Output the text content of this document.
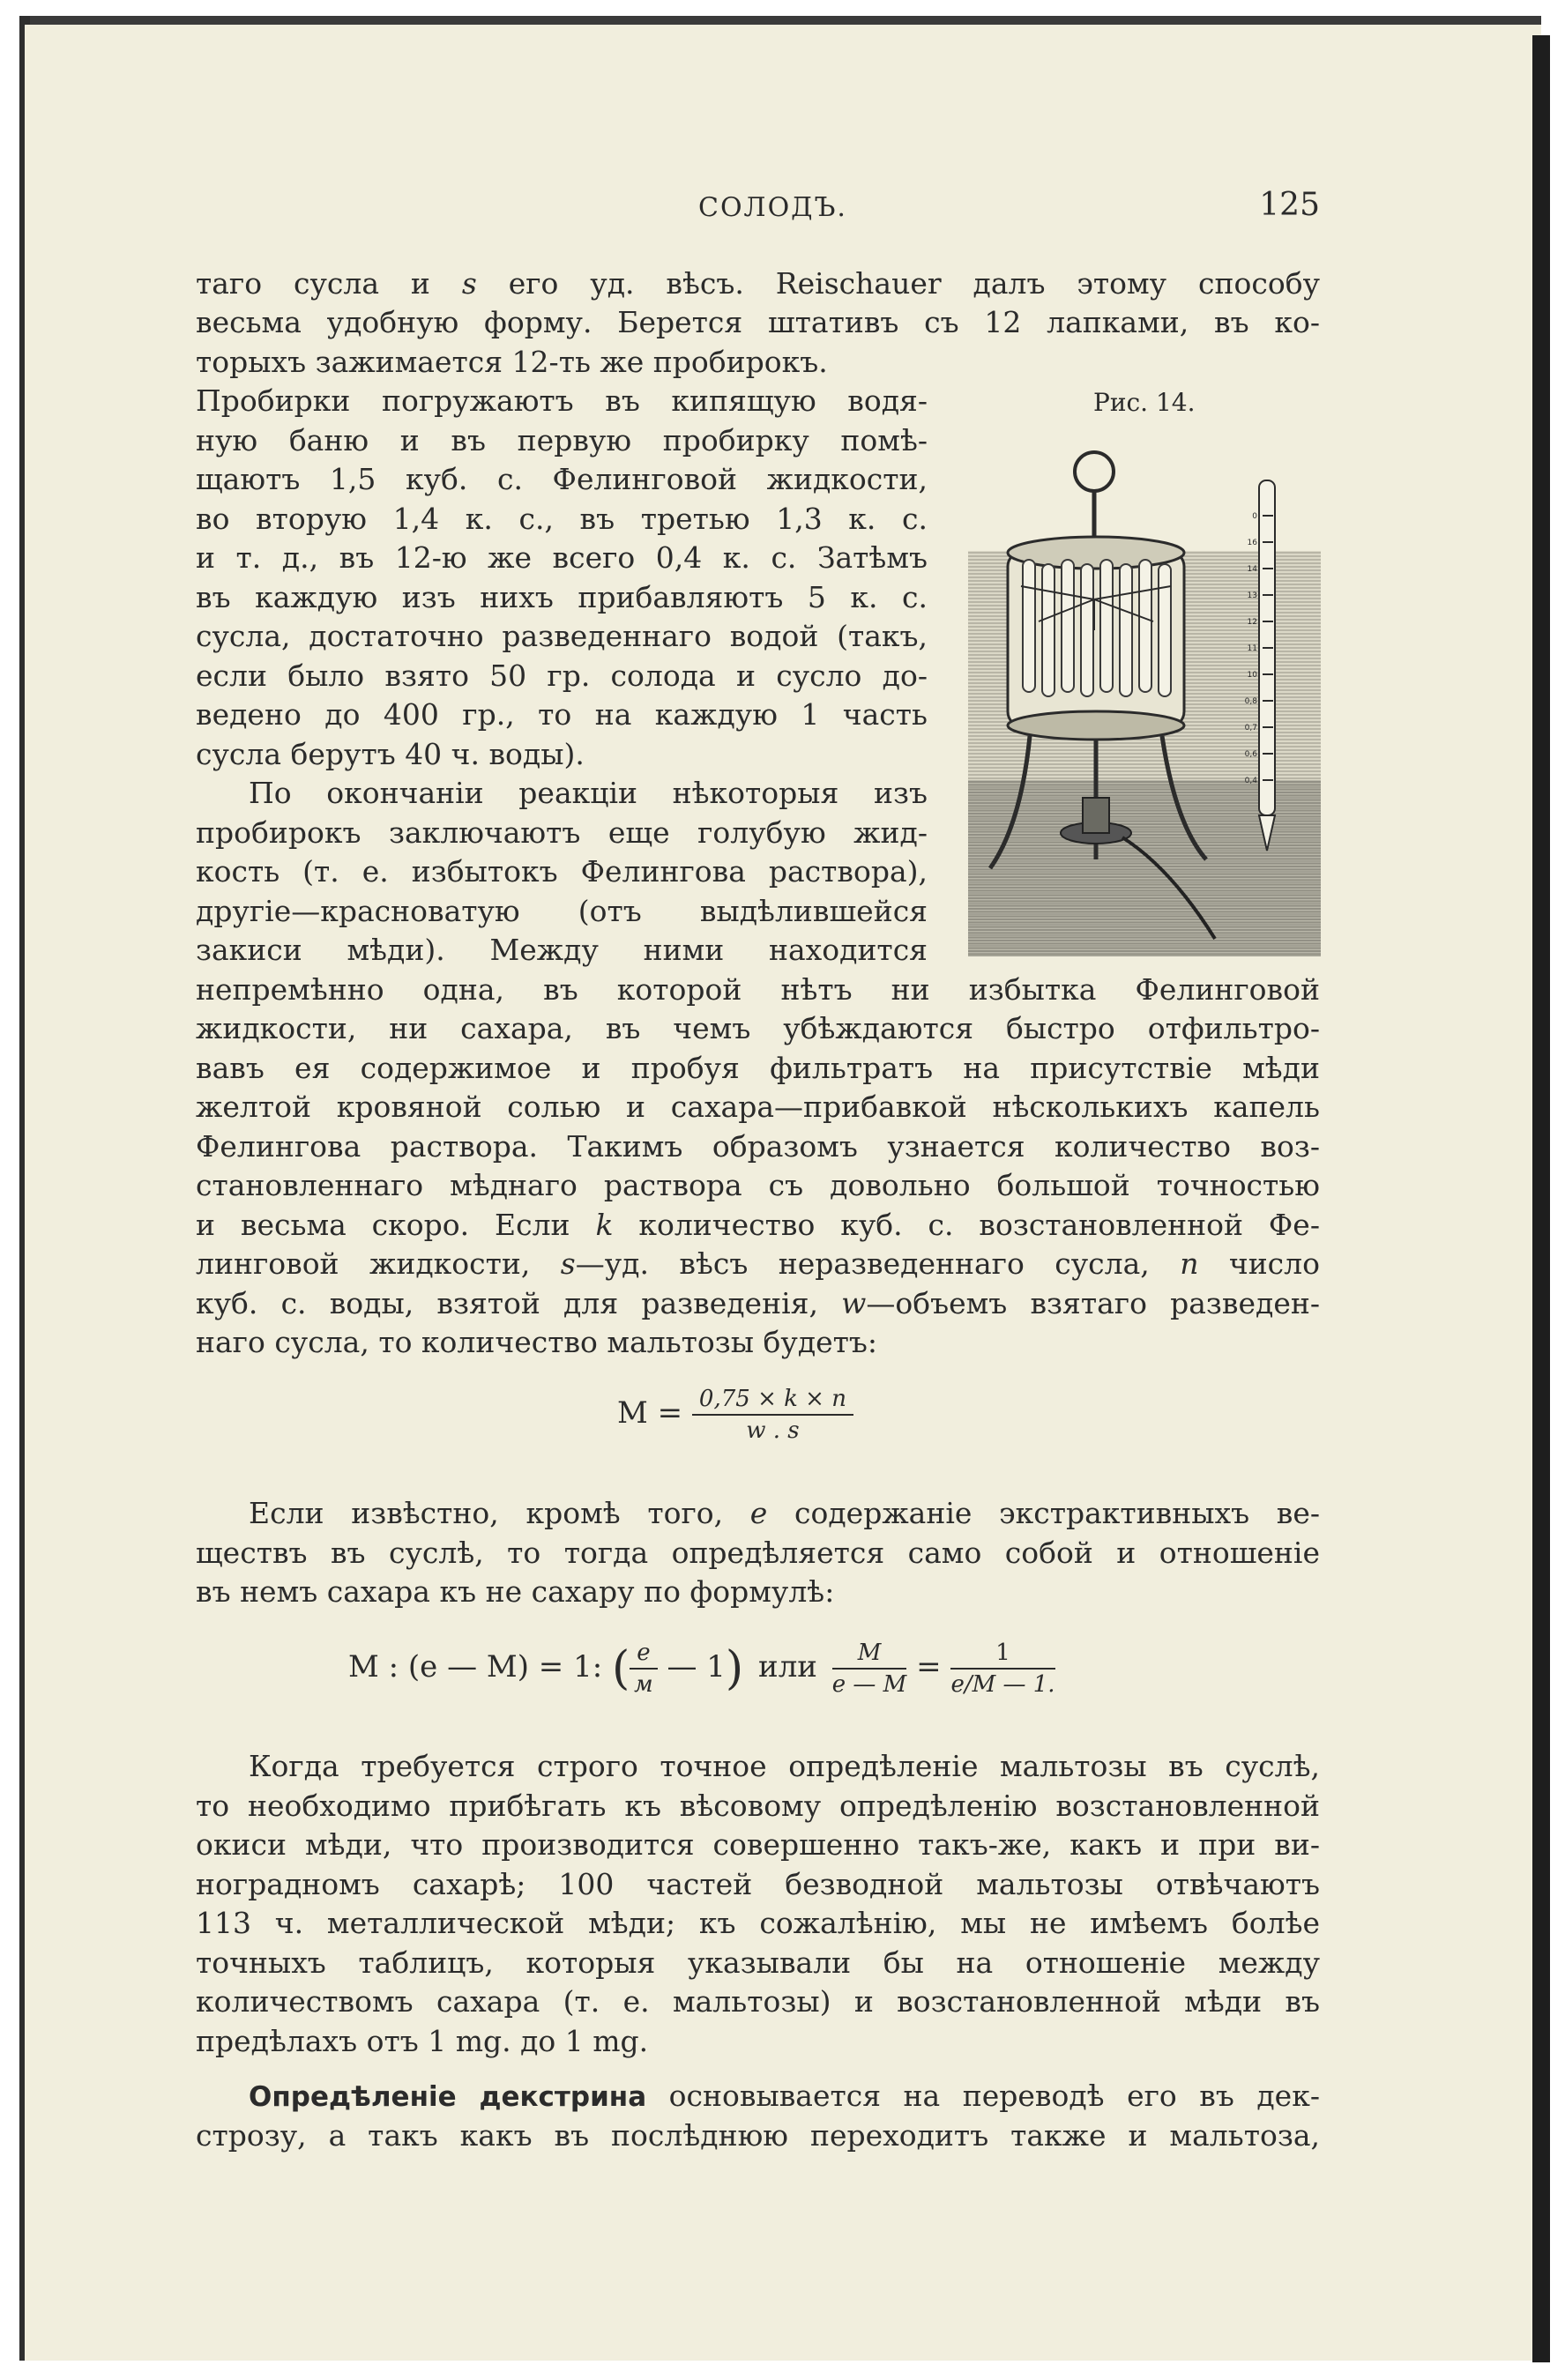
СОЛОДЪ.	125
таго сусла и s его уд. вѣсъ. Reischauer далъ этому способу
весьма удобную форму. Берется штативъ съ 12 лапками, въ ко-
торыхъ зажимается 12-ть же пробирокъ.
Пробирки погружаютъ въ кипящую водя-
ную баню и въ первую пробирку помѣ-
щаютъ 1,5 куб. с. Фелинговой жидкости,
во вторую 1,4 к. с., въ третью 1,3 к. с.
и т. д., въ 12-ю же всего 0,4 к. с. Затѣмъ
въ каждую изъ нихъ прибавляютъ 5 к. с.
сусла, достаточно разведеннаго водой (такъ,
если было взято 50 гр. солода и сусло до-
ведено до 400 гр., то на каждую 1 часть
сусла берутъ 40 ч. воды).
По окончаніи реакціи нѣкоторыя изъ
пробирокъ заключаютъ еще голубую жид-
кость (т. е. избытокъ Фелингова раствора),
другіе—красноватую (отъ выдѣлившейся
закиси мѣди). Между ними находится
непремѣнно одна, въ которой нѣтъ ни избытка Фелинговой
жидкости, ни сахара, въ чемъ убѣждаются быстро отфильтро-
вавъ ея содержимое и пробуя фильтратъ на присутствіе мѣди
желтой кровяной солью и сахара—прибавкой нѣсколькихъ капель
Фелингова раствора. Такимъ образомъ узнается количество воз-
становленнаго мѣднаго раствора съ довольно большой точностью
и весьма скоро. Если k количество куб. с. возстановленной Фе-
линговой жидкости, s—уд. вѣсъ неразведеннаго сусла, n число
куб. с. воды, взятой для разведенія, w—объемъ взятаго разведен-
наго сусла, то количество мальтозы будетъ:
$M = \frac{0,75 \times k \times n}{w . s}$
Если извѣстно, кромѣ того, e содержаніе экстрактивныхъ ве-
ществъ въ суслѣ, то тогда опредѣляется само собой и отношеніе
въ немъ сахара къ не сахару по формулѣ:
M : (e — M) = 1: ( $\frac{e}{м}$ — 1) или $\frac{M}{e — M} = \frac{1}{e/M — 1.}$
Когда требуется строго точное опредѣленіе мальтозы въ суслѣ,
то необходимо прибѣгать къ вѣсовому опредѣленію возстановленной
окиси мѣди, что производится совершенно такъ-же, какъ и при ви-
ноградномъ сахарѣ; 100 частей безводной мальтозы отвѣчаютъ
113 ч. металлической мѣди; къ сожалѣнію, мы не имѣемъ болѣе
точныхъ таблицъ, которыя указывали бы на отношеніе между
количествомъ сахара (т. е. мальтозы) и возстановленной мѣди въ
предѣлахъ отъ 1 mg. до 1 mg.
Опредѣленіе декстрина основывается на переводѣ его въ дек-
строзу, а такъ какъ въ послѣднюю переходитъ также и мальтоза,
Рис. 14.
0
16
14
13
12
11
10
0,8
0,7
0,6
0,4
